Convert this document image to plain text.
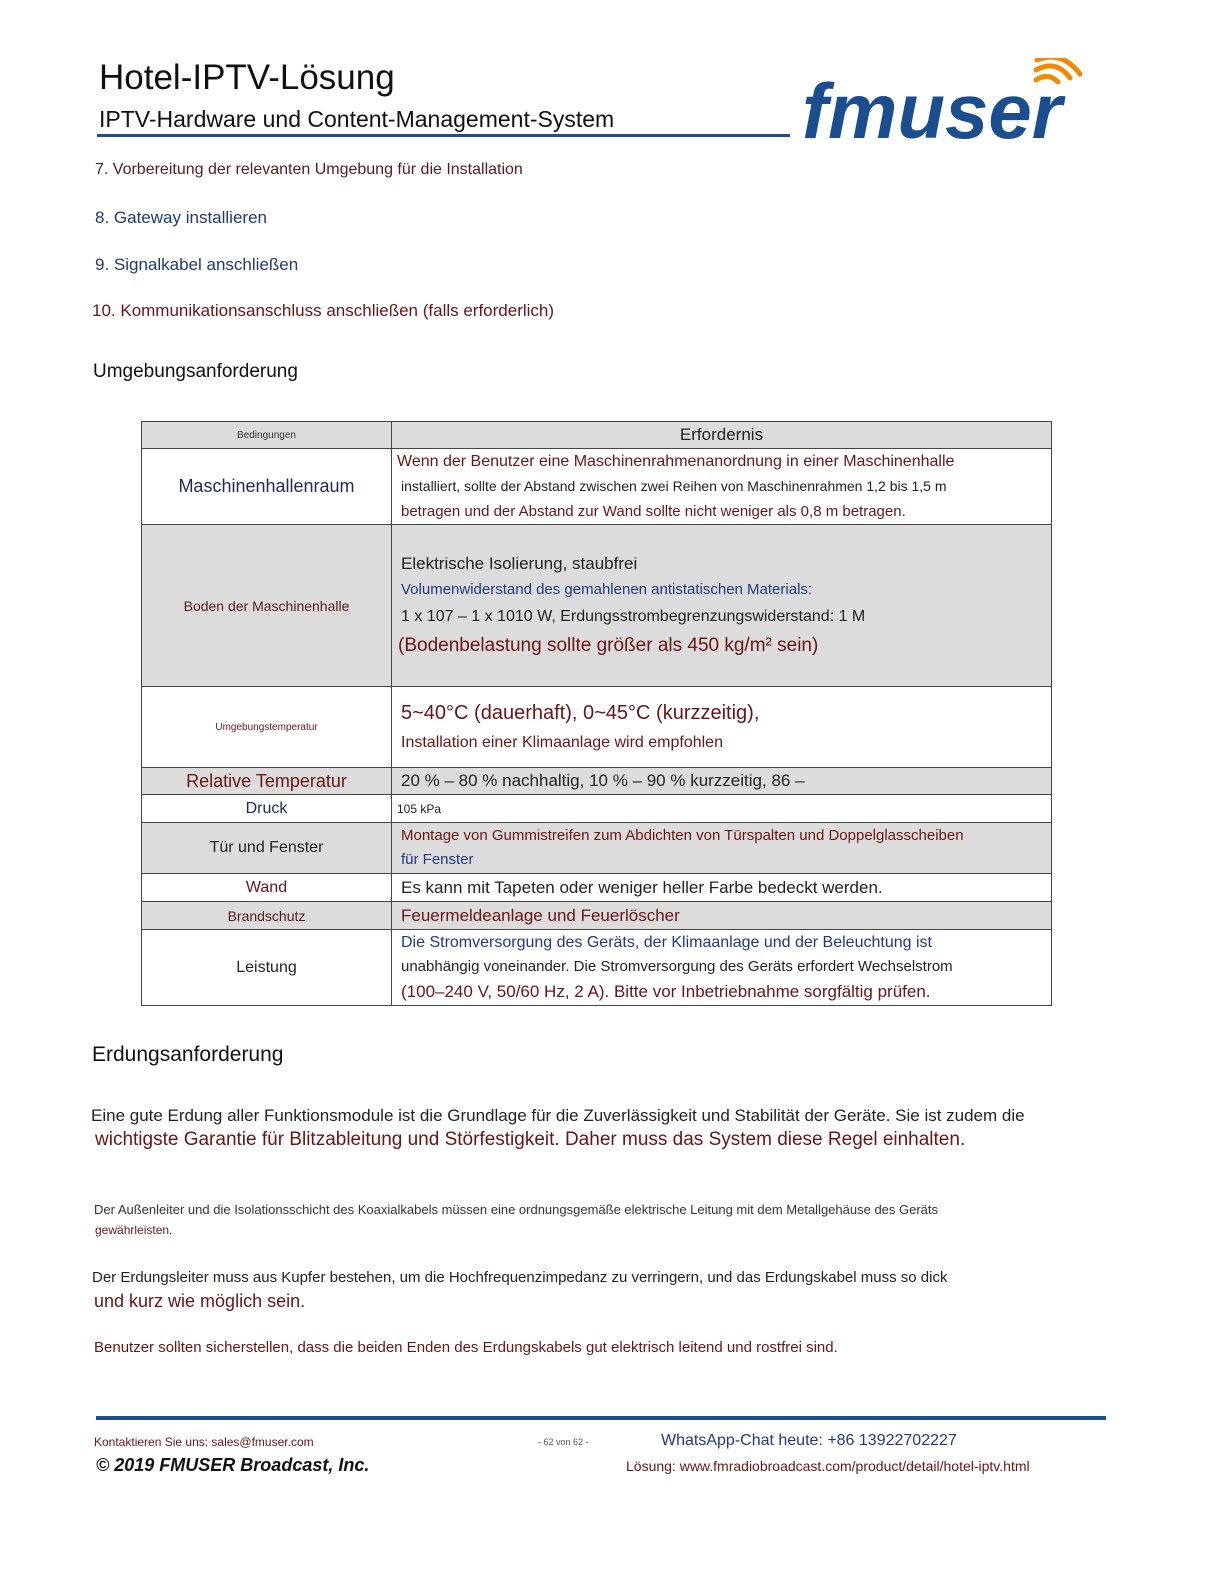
Hotel-IPTV-Lösung
IPTV-Hardware und Content-Management-System fmuser
7. Vorbereitung der relevanten Umgebung für die Installation
8. Gateway installieren
9. Signalkabel anschließen
10. Kommunikationsanschluss anschließen (falls erforderlich)
Umgebungsanforderung
Bedingungen	Erfordernis
Maschinenhallenraum	Wenn der Benutzer eine Maschinenrahmenanordnung in einer Maschinenhalle
installiert, sollte der Abstand zwischen zwei Reihen von Maschinenrahmen 1,2 bis 1,5 m
betragen und der Abstand zur Wand sollte nicht weniger als 0,8 m betragen.

Boden der Maschinenhalle	Elektrische Isolierung, staubfrei
Volumenwiderstand des gemahlenen antistatischen Materials:
1 x 107 – 1 x 1010 W, Erdungsstrombegrenzungswiderstand: 1 M
(Bodenbelastung sollte größer als 450 kg/m² sein)

Umgebungstemperatur	5~40°C (dauerhaft), 0~45°C (kurzzeitig),
Installation einer Klimaanlage wird empfohlen

Relative Temperatur	20 % – 80 % nachhaltig, 10 % – 90 % kurzzeitig, 86 –
Druck	105 kPa
Tür und Fenster	Montage von Gummistreifen zum Abdichten von Türspalten und Doppelglasscheiben
für Fenster

Wand	Es kann mit Tapeten oder weniger heller Farbe bedeckt werden.
Brandschutz	Feuermeldeanlage und Feuerlöscher
Leistung	Die Stromversorgung des Geräts, der Klimaanlage und der Beleuchtung ist
unabhängig voneinander. Die Stromversorgung des Geräts erfordert Wechselstrom
(100–240 V, 50/60 Hz, 2 A). Bitte vor Inbetriebnahme sorgfältig prüfen.
Erdungsanforderung
Eine gute Erdung aller Funktionsmodule ist die Grundlage für die Zuverlässigkeit und Stabilität der Geräte. Sie ist zudem die
wichtigste Garantie für Blitzableitung und Störfestigkeit. Daher muss das System diese Regel einhalten.
Der Außenleiter und die Isolationsschicht des Koaxialkabels müssen eine ordnungsgemäße elektrische Leitung mit dem Metallgehäuse des Geräts
gewährleisten.
Der Erdungsleiter muss aus Kupfer bestehen, um die Hochfrequenzimpedanz zu verringern, und das Erdungskabel muss so dick
und kurz wie möglich sein.
Benutzer sollten sicherstellen, dass die beiden Enden des Erdungskabels gut elektrisch leitend und rostfrei sind.
Kontaktieren Sie uns: sales@fmuser.com	- 62 von 62 -	WhatsApp-Chat heute: +86 13922702227
© 2019 FMUSER Broadcast, Inc.	Lösung: www.fmradiobroadcast.com/product/detail/hotel-iptv.html
